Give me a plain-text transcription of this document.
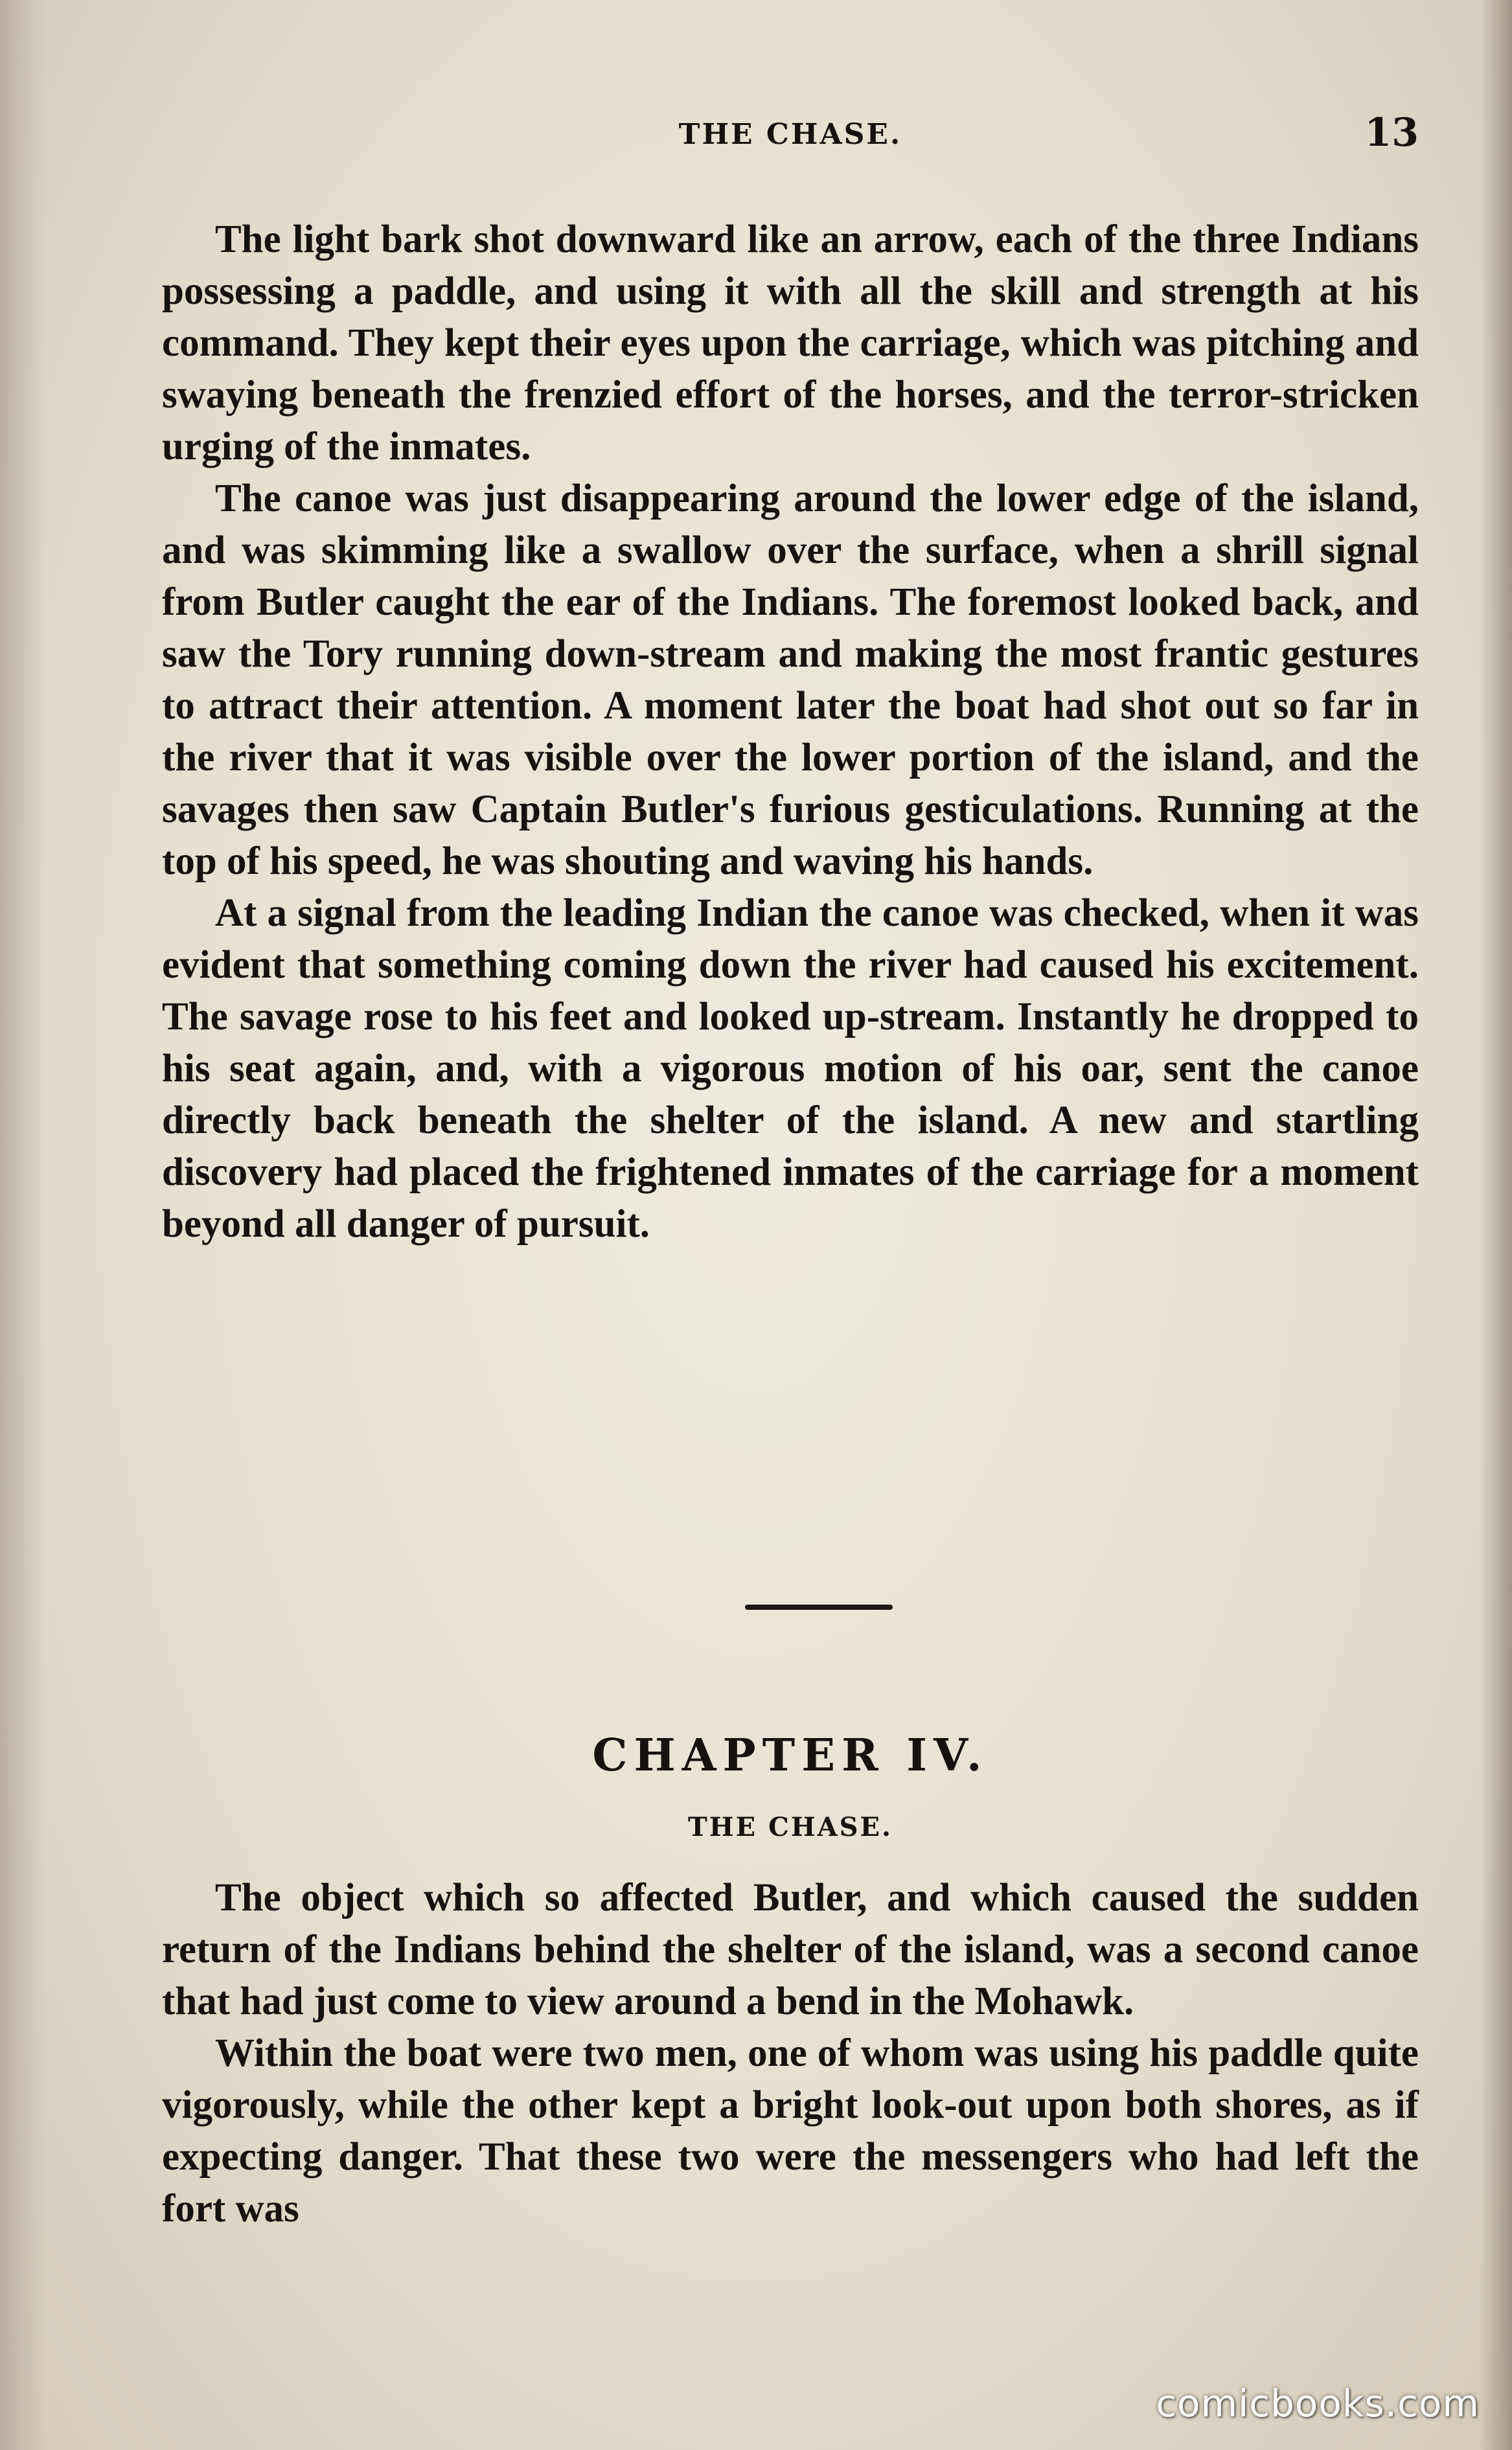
THE CHASE.	13

The light bark shot downward like an arrow, each of the three Indians possessing a paddle, and using it with all the skill and strength at his command. They kept their eyes upon the carriage, which was pitching and swaying beneath the frenzied effort of the horses, and the terror-stricken urging of the inmates.

The canoe was just disappearing around the lower edge of the island, and was skimming like a swallow over the surface, when a shrill signal from Butler caught the ear of the Indians. The foremost looked back, and saw the Tory running down-stream and making the most frantic gestures to attract their attention. A moment later the boat had shot out so far in the river that it was visible over the lower portion of the island, and the savages then saw Captain Butler's furious gesticulations. Running at the top of his speed, he was shouting and waving his hands.

At a signal from the leading Indian the canoe was checked, when it was evident that something coming down the river had caused his excitement. The savage rose to his feet and looked up-stream. Instantly he dropped to his seat again, and, with a vigorous motion of his oar, sent the canoe directly back beneath the shelter of the island. A new and startling discovery had placed the frightened inmates of the carriage for a moment beyond all danger of pursuit.

CHAPTER IV.
THE CHASE.

The object which so affected Butler, and which caused the sudden return of the Indians behind the shelter of the island, was a second canoe that had just come to view around a bend in the Mohawk.

Within the boat were two men, one of whom was using his paddle quite vigorously, while the other kept a bright look-out upon both shores, as if expecting danger. That these two were the messengers who had left the fort was

comicbooks.com
